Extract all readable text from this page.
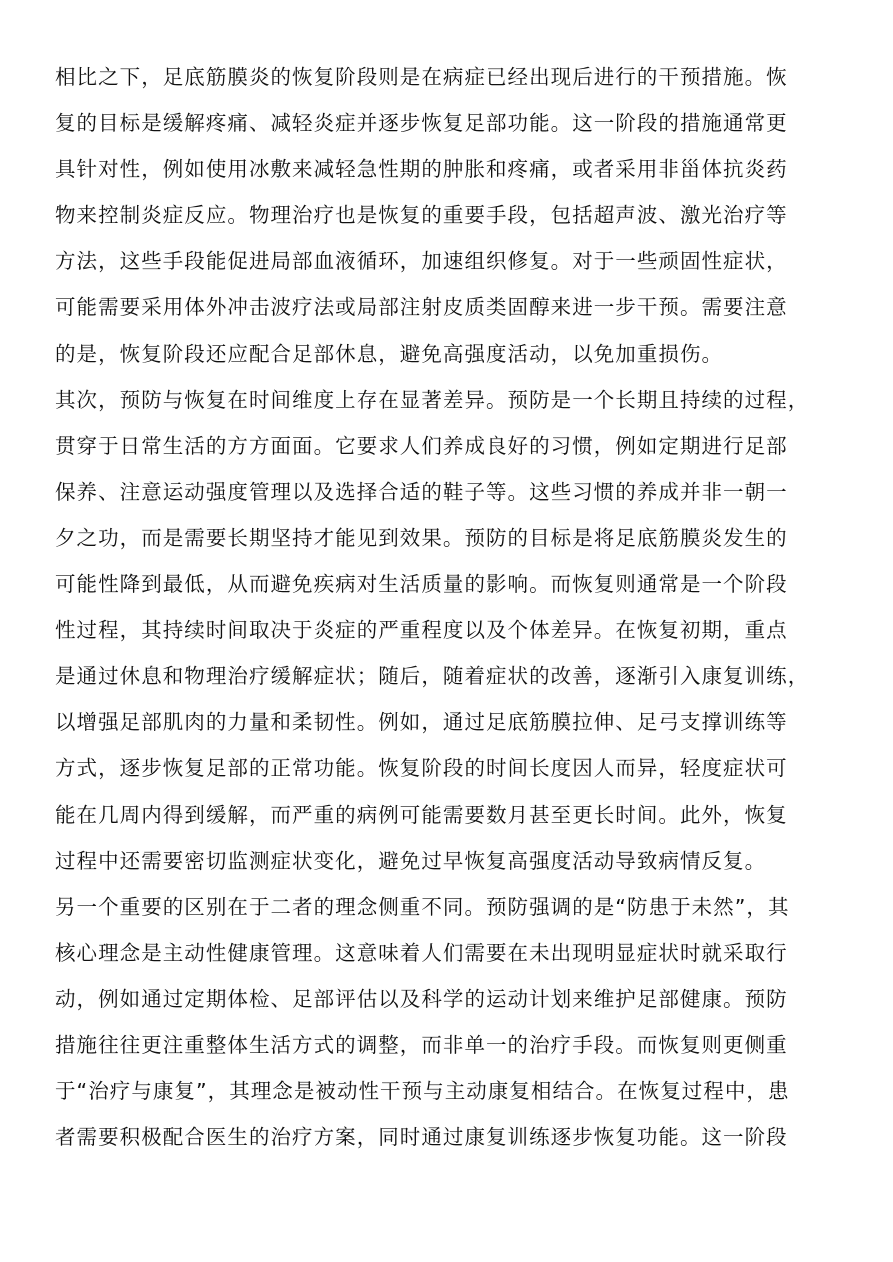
相比之下，足底筋膜炎的恢复阶段则是在病症已经出现后进行的干预措施。恢
复的目标是缓解疼痛、减轻炎症并逐步恢复足部功能。这一阶段的措施通常更
具针对性，例如使用冰敷来减轻急性期的肿胀和疼痛，或者采用非甾体抗炎药
物来控制炎症反应。物理治疗也是恢复的重要手段，包括超声波、激光治疗等
方法，这些手段能促进局部血液循环，加速组织修复。对于一些顽固性症状，
可能需要采用体外冲击波疗法或局部注射皮质类固醇来进一步干预。需要注意
的是，恢复阶段还应配合足部休息，避免高强度活动，以免加重损伤。
其次，预防与恢复在时间维度上存在显著差异。预防是一个长期且持续的过程，
贯穿于日常生活的方方面面。它要求人们养成良好的习惯，例如定期进行足部
保养、注意运动强度管理以及选择合适的鞋子等。这些习惯的养成并非一朝一
夕之功，而是需要长期坚持才能见到效果。预防的目标是将足底筋膜炎发生的
可能性降到最低，从而避免疾病对生活质量的影响。而恢复则通常是一个阶段
性过程，其持续时间取决于炎症的严重程度以及个体差异。在恢复初期，重点
是通过休息和物理治疗缓解症状；随后，随着症状的改善，逐渐引入康复训练，
以增强足部肌肉的力量和柔韧性。例如，通过足底筋膜拉伸、足弓支撑训练等
方式，逐步恢复足部的正常功能。恢复阶段的时间长度因人而异，轻度症状可
能在几周内得到缓解，而严重的病例可能需要数月甚至更长时间。此外，恢复
过程中还需要密切监测症状变化，避免过早恢复高强度活动导致病情反复。
另一个重要的区别在于二者的理念侧重不同。预防强调的是“防患于未然”，其
核心理念是主动性健康管理。这意味着人们需要在未出现明显症状时就采取行
动，例如通过定期体检、足部评估以及科学的运动计划来维护足部健康。预防
措施往往更注重整体生活方式的调整，而非单一的治疗手段。而恢复则更侧重
于“治疗与康复”，其理念是被动性干预与主动康复相结合。在恢复过程中，患
者需要积极配合医生的治疗方案，同时通过康复训练逐步恢复功能。这一阶段
